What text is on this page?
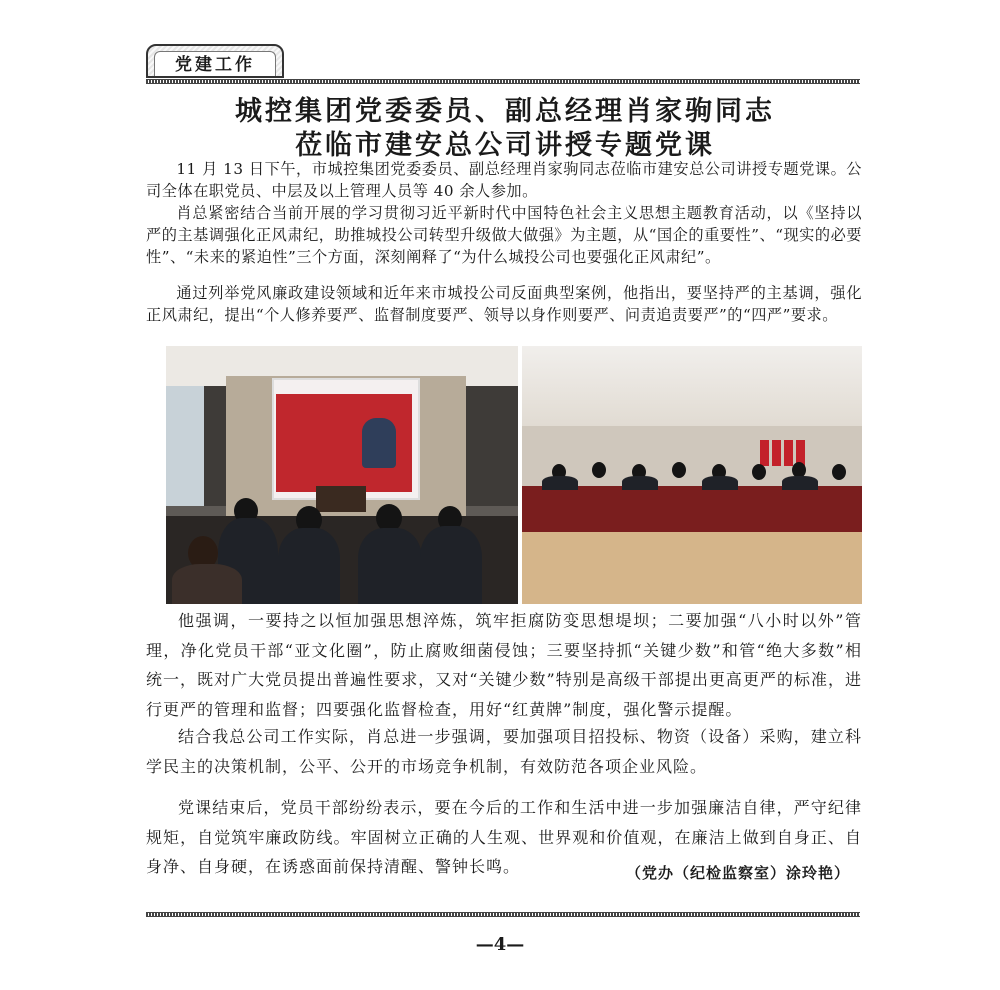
党建工作
城控集团党委委员、副总经理肖家驹同志
莅临市建安总公司讲授专题党课

11 月 13 日下午，市城控集团党委委员、副总经理肖家驹同志莅临市建安总公司讲授专题党课。公司全体在职党员、中层及以上管理人员等 40 余人参加。

肖总紧密结合当前开展的学习贯彻习近平新时代中国特色社会主义思想主题教育活动，以《坚持以严的主基调强化正风肃纪，助推城投公司转型升级做大做强》为主题，从“国企的重要性”、“现实的必要性”、“未来的紧迫性”三个方面，深刻阐释了“为什么城投公司也要强化正风肃纪”。

通过列举党风廉政建设领域和近年来市城投公司反面典型案例，他指出，要坚持严的主基调，强化正风肃纪，提出“个人修养要严、监督制度要严、领导以身作则要严、问责追责要严”的“四严”要求。

他强调，一要持之以恒加强思想淬炼，筑牢拒腐防变思想堤坝；二要加强“八小时以外”管理，净化党员干部“亚文化圈”，防止腐败细菌侵蚀；三要坚持抓“关键少数”和管“绝大多数”相统一，既对广大党员提出普遍性要求，又对“关键少数”特别是高级干部提出更高更严的标准，进行更严的管理和监督；四要强化监督检查，用好“红黄牌”制度，强化警示提醒。

结合我总公司工作实际，肖总进一步强调，要加强项目招投标、物资（设备）采购，建立科学民主的决策机制，公平、公开的市场竞争机制，有效防范各项企业风险。

党课结束后，党员干部纷纷表示，要在今后的工作和生活中进一步加强廉洁自律，严守纪律规矩，自觉筑牢廉政防线。牢固树立正确的人生观、世界观和价值观，在廉洁上做到自身正、自身净、自身硬，在诱惑面前保持清醒、警钟长鸣。	（党办（纪检监察室）涂玲艳）
—4—
